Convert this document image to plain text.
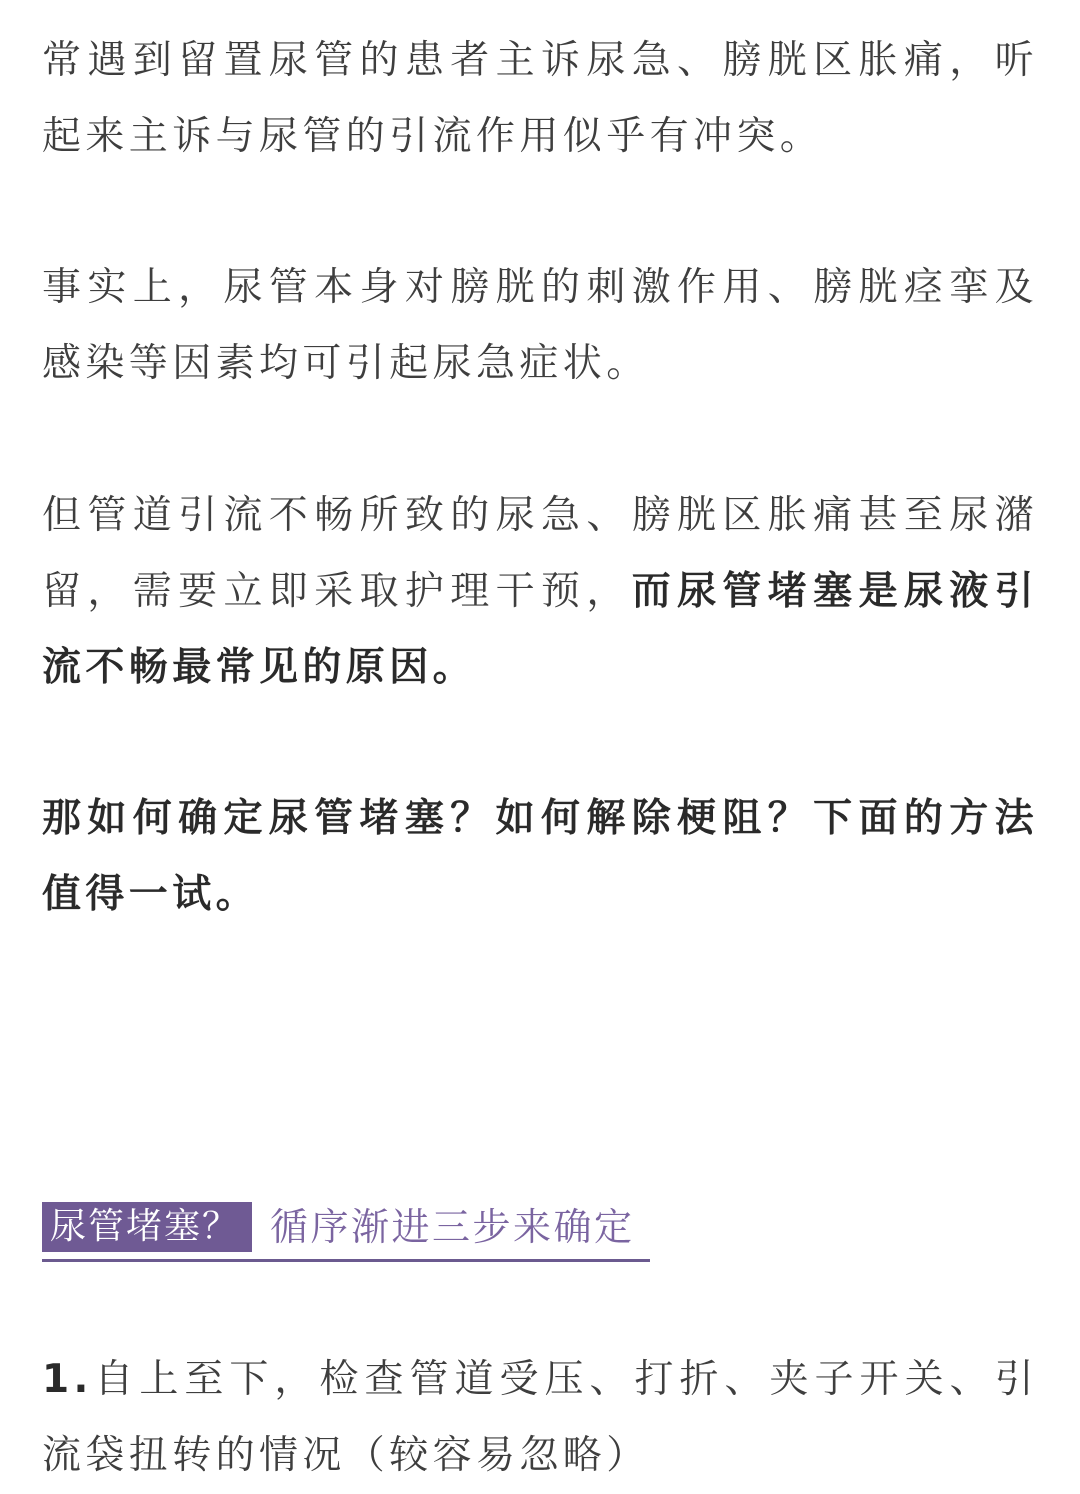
常遇到留置尿管的患者主诉尿急、膀胱区胀痛，听起来主诉与尿管的引流作用似乎有冲突。

事实上，尿管本身对膀胱的刺激作用、膀胱痉挛及感染等因素均可引起尿急症状。

但管道引流不畅所致的尿急、膀胱区胀痛甚至尿潴留，需要立即采取护理干预，而尿管堵塞是尿液引流不畅最常见的原因。

那如何确定尿管堵塞？如何解除梗阻？下面的方法值得一试。

尿管堵塞？ 循序渐进三步来确定

1.自上至下，检查管道受压、打折、夹子开关、引流袋扭转的情况（较容易忽略）
